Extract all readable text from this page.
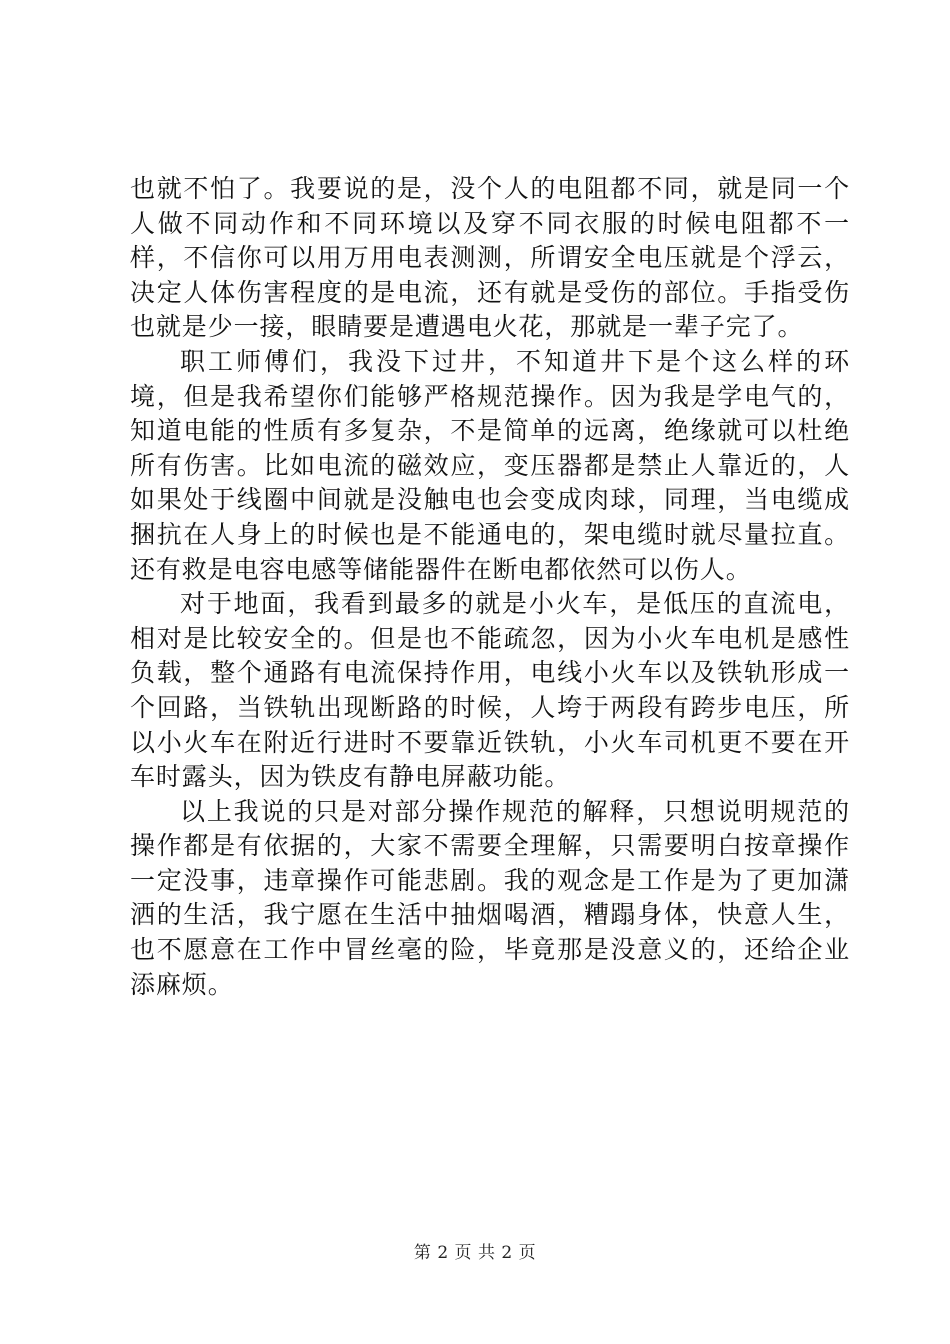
也就不怕了。我要说的是，没个人的电阻都不同，就是同一个人做不同动作和不同环境以及穿不同衣服的时候电阻都不一样，不信你可以用万用电表测测，所谓安全电压就是个浮云，决定人体伤害程度的是电流，还有就是受伤的部位。手指受伤也就是少一接，眼睛要是遭遇电火花，那就是一辈子完了。

职工师傅们，我没下过井，不知道井下是个这么样的环境，但是我希望你们能够严格规范操作。因为我是学电气的，知道电能的性质有多复杂，不是简单的远离，绝缘就可以杜绝所有伤害。比如电流的磁效应，变压器都是禁止人靠近的，人如果处于线圈中间就是没触电也会变成肉球，同理，当电缆成捆抗在人身上的时候也是不能通电的，架电缆时就尽量拉直。还有救是电容电感等储能器件在断电都依然可以伤人。

对于地面，我看到最多的就是小火车，是低压的直流电，相对是比较安全的。但是也不能疏忽，因为小火车电机是感性负载，整个通路有电流保持作用，电线小火车以及铁轨形成一个回路，当铁轨出现断路的时候，人垮于两段有跨步电压，所以小火车在附近行进时不要靠近铁轨，小火车司机更不要在开车时露头，因为铁皮有静电屏蔽功能。

以上我说的只是对部分操作规范的解释，只想说明规范的操作都是有依据的，大家不需要全理解，只需要明白按章操作一定没事，违章操作可能悲剧。我的观念是工作是为了更加潇洒的生活，我宁愿在生活中抽烟喝酒，糟蹋身体，快意人生，也不愿意在工作中冒丝毫的险，毕竟那是没意义的，还给企业添麻烦。

第 2 页 共 2 页
